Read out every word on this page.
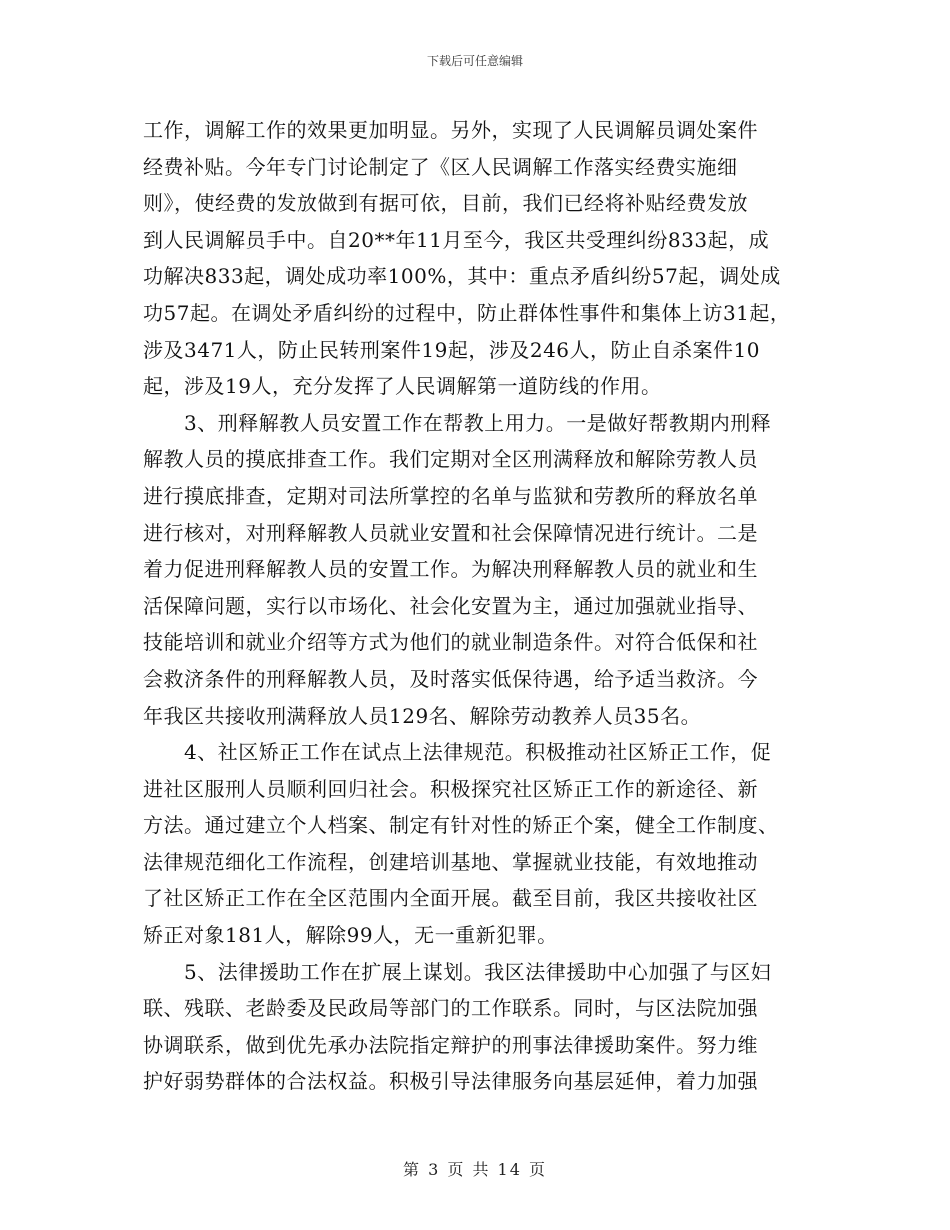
下载后可任意编辑
工作，调解工作的效果更加明显。另外，实现了人民调解员调处案件
经费补贴。今年专门讨论制定了《区人民调解工作落实经费实施细
则》，使经费的发放做到有据可依，目前，我们已经将补贴经费发放
到人民调解员手中。自20**年11月至今，我区共受理纠纷833起，成
功解决833起，调处成功率100%，其中：重点矛盾纠纷57起，调处成
功57起。在调处矛盾纠纷的过程中，防止群体性事件和集体上访31起，
涉及3471人，防止民转刑案件19起，涉及246人，防止自杀案件10
起，涉及19人，充分发挥了人民调解第一道防线的作用。
　　3、刑释解教人员安置工作在帮教上用力。一是做好帮教期内刑释
解教人员的摸底排查工作。我们定期对全区刑满释放和解除劳教人员
进行摸底排查，定期对司法所掌控的名单与监狱和劳教所的释放名单
进行核对，对刑释解教人员就业安置和社会保障情况进行统计。二是
着力促进刑释解教人员的安置工作。为解决刑释解教人员的就业和生
活保障问题，实行以市场化、社会化安置为主，通过加强就业指导、
技能培训和就业介绍等方式为他们的就业制造条件。对符合低保和社
会救济条件的刑释解教人员，及时落实低保待遇，给予适当救济。今
年我区共接收刑满释放人员129名、解除劳动教养人员35名。
　　4、社区矫正工作在试点上法律规范。积极推动社区矫正工作，促
进社区服刑人员顺利回归社会。积极探究社区矫正工作的新途径、新
方法。通过建立个人档案、制定有针对性的矫正个案，健全工作制度、
法律规范细化工作流程，创建培训基地、掌握就业技能，有效地推动
了社区矫正工作在全区范围内全面开展。截至目前，我区共接收社区
矫正对象181人，解除99人，无一重新犯罪。
　　5、法律援助工作在扩展上谋划。我区法律援助中心加强了与区妇
联、残联、老龄委及民政局等部门的工作联系。同时，与区法院加强
协调联系，做到优先承办法院指定辩护的刑事法律援助案件。努力维
护好弱势群体的合法权益。积极引导法律服务向基层延伸，着力加强
第 3 页 共 14 页
